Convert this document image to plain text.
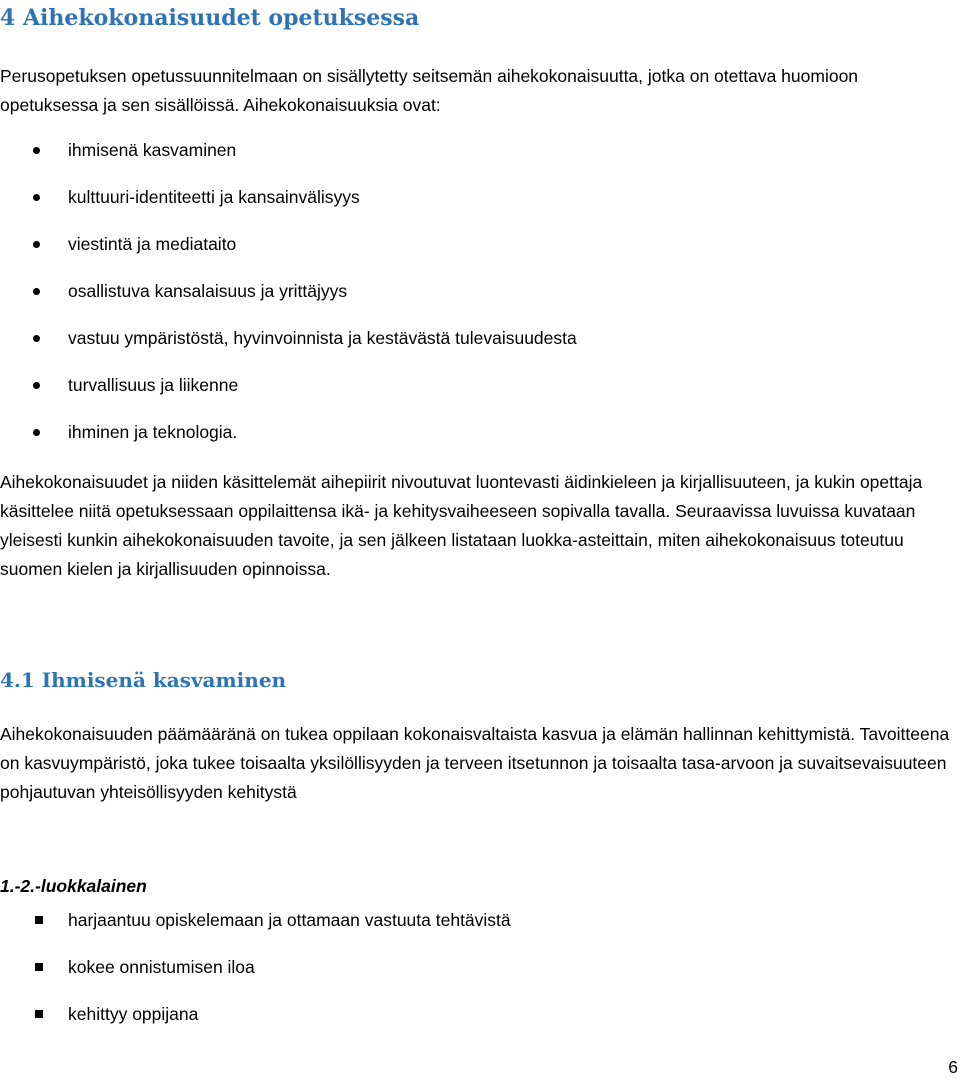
4 Aihekokonaisuudet opetuksessa

Perusopetuksen opetussuunnitelmaan on sisällytetty seitsemän aihekokonaisuutta, jotka on otettava huomioon opetuksessa ja sen sisällöissä. Aihekokonaisuuksia ovat:

ihmisenä kasvaminen
kulttuuri-identiteetti ja kansainvälisyys
viestintä ja mediataito
osallistuva kansalaisuus ja yrittäjyys
vastuu ympäristöstä, hyvinvoinnista ja kestävästä tulevaisuudesta
turvallisuus ja liikenne
ihminen ja teknologia.

Aihekokonaisuudet ja niiden käsittelemät aihepiirit nivoutuvat luontevasti äidinkieleen ja kirjallisuuteen, ja kukin opettaja käsittelee niitä opetuksessaan oppilaittensa ikä- ja kehitysvaiheeseen sopivalla tavalla. Seuraavissa luvuissa kuvataan yleisesti kunkin aihekokonaisuuden tavoite, ja sen jälkeen listataan luokka-asteittain, miten aihekokonaisuus toteutuu suomen kielen ja kirjallisuuden opinnoissa.

4.1 Ihmisenä kasvaminen

Aihekokonaisuuden päämääränä on tukea oppilaan kokonaisvaltaista kasvua ja elämän hallinnan kehittymistä. Tavoitteena on kasvuympäristö, joka tukee toisaalta yksilöllisyyden ja terveen itsetunnon ja toisaalta tasa-arvoon ja suvaitsevaisuuteen pohjautuvan yhteisöllisyyden kehitystä

1.-2.-luokkalainen

harjaantuu opiskelemaan ja ottamaan vastuuta tehtävistä
kokee onnistumisen iloa
kehittyy oppijana
6
